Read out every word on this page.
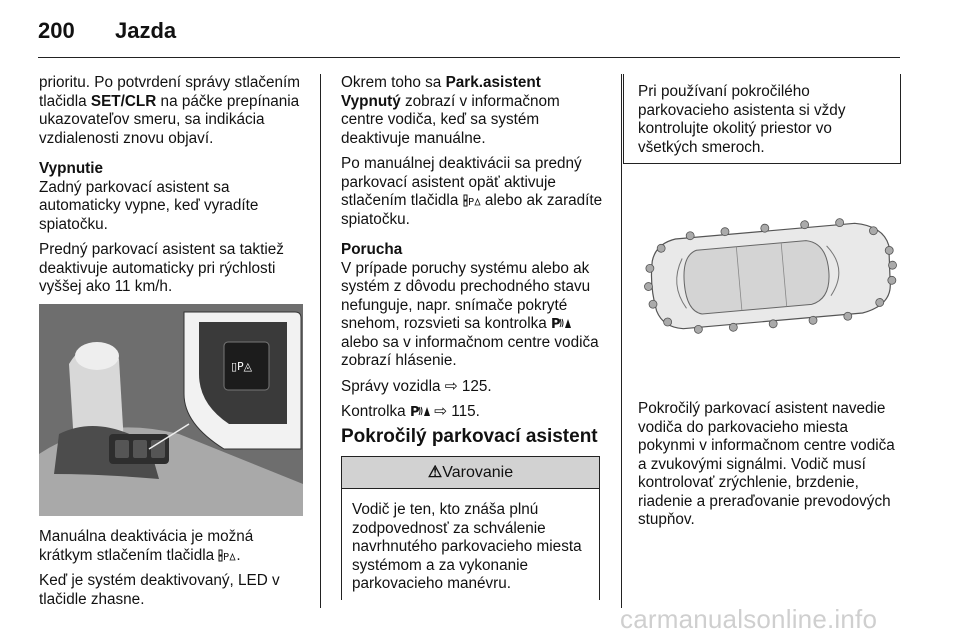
200 Jazda

prioritu. Po potvrdení správy stlačením tlačidla SET/CLR na páčke prepínania ukazovateľov smeru, sa indikácia vzdialenosti znovu objaví.

Vypnutie
Zadný parkovací asistent sa automaticky vypne, keď vyradíte spiatočku.

Predný parkovací asistent sa taktiež deaktivuje automaticky pri rýchlosti vyššej ako 11 km/h.

▯P◬

Manuálna deaktivácia je možná krátkym stlačením tlačidla P .

Keď je systém deaktivovaný, LED v tlačidle zhasne.

Okrem toho sa Park.asistent Vypnutý zobrazí v informačnom centre vodiča, keď sa systém deaktivuje manuálne.

Po manuálnej deaktivácii sa predný parkovací asistent opäť aktivuje stlačením tlačidla P alebo ak zaradíte spiatočku.

Porucha
V prípade poruchy systému alebo ak systém z dôvodu prechodného stavu nefunguje, napr. snímače pokryté snehom, rozsvieti sa kontrolka P
alebo sa v informačnom centre vodiča zobrazí hlásenie.

Správy vozidla ⇨ 125.

Kontrolka P ⇨ 115.

Pokročilý parkovací asistent
⚠Varovanie
Vodič je ten, kto znáša plnú zodpovednosť za schválenie navrhnutého parkovacieho miesta systémom a za vykonanie parkovacieho manévru.
Pri používaní pokročilého parkovacieho asistenta si vždy kontrolujte okolitý priestor vo všetkých smeroch.

Pokročilý parkovací asistent navedie vodiča do parkovacieho miesta pokynmi v informačnom centre vodiča a zvukovými signálmi. Vodič musí kontrolovať zrýchlenie, brzdenie, riadenie a preraďovanie prevodových stupňov.

carmanualsonline.info
